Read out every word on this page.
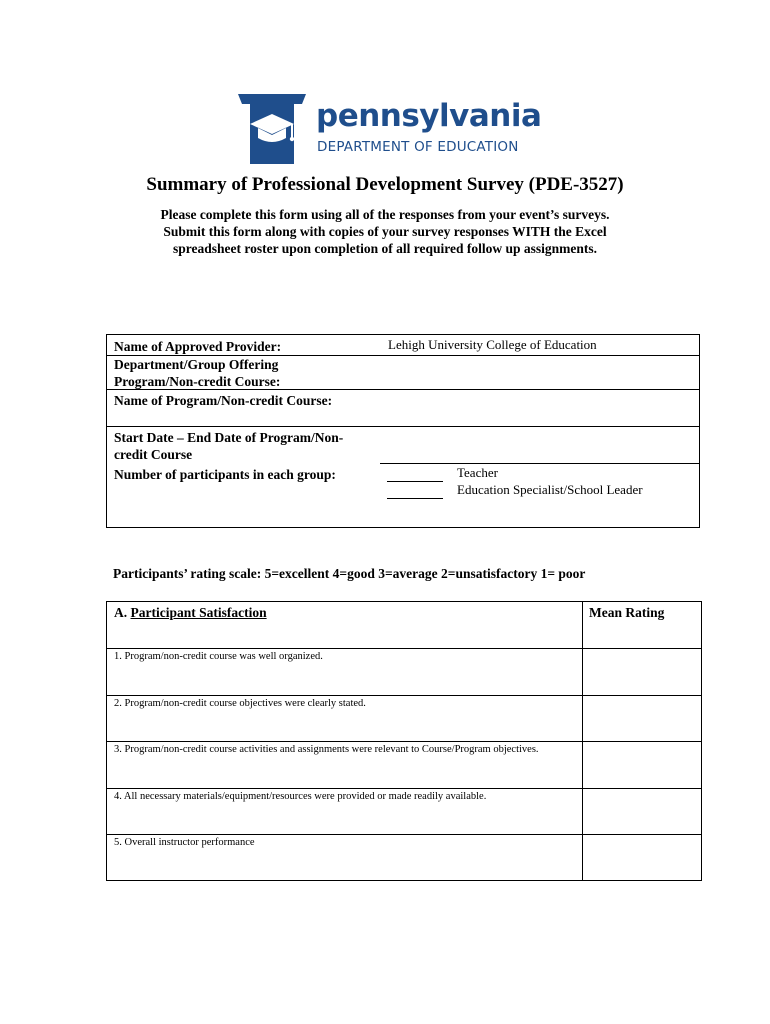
pennsylvania
DEPARTMENT OF EDUCATION
Summary of Professional Development Survey (PDE-3527)
Please complete this form using all of the responses from your event’s surveys.
Submit this form along with copies of your survey responses WITH the Excel
spreadsheet roster upon completion of all required follow up assignments.
Name of Approved Provider:	Lehigh University College of Education
Department/Group Offering
Program/Non-credit Course:
Name of Program/Non-credit Course:
Start Date – End Date of Program/Non-
credit Course
Number of participants in each group:	Teacher
Education Specialist/School Leader
Participants’ rating scale: 5=excellent 4=good 3=average 2=unsatisfactory 1= poor
A. Participant Satisfaction	Mean Rating
1. Program/non-credit course was well organized.
2. Program/non-credit course objectives were clearly stated.
3. Program/non-credit course activities and assignments were relevant to Course/Program objectives.
4. All necessary materials/equipment/resources were provided or made readily available.
5. Overall instructor performance
